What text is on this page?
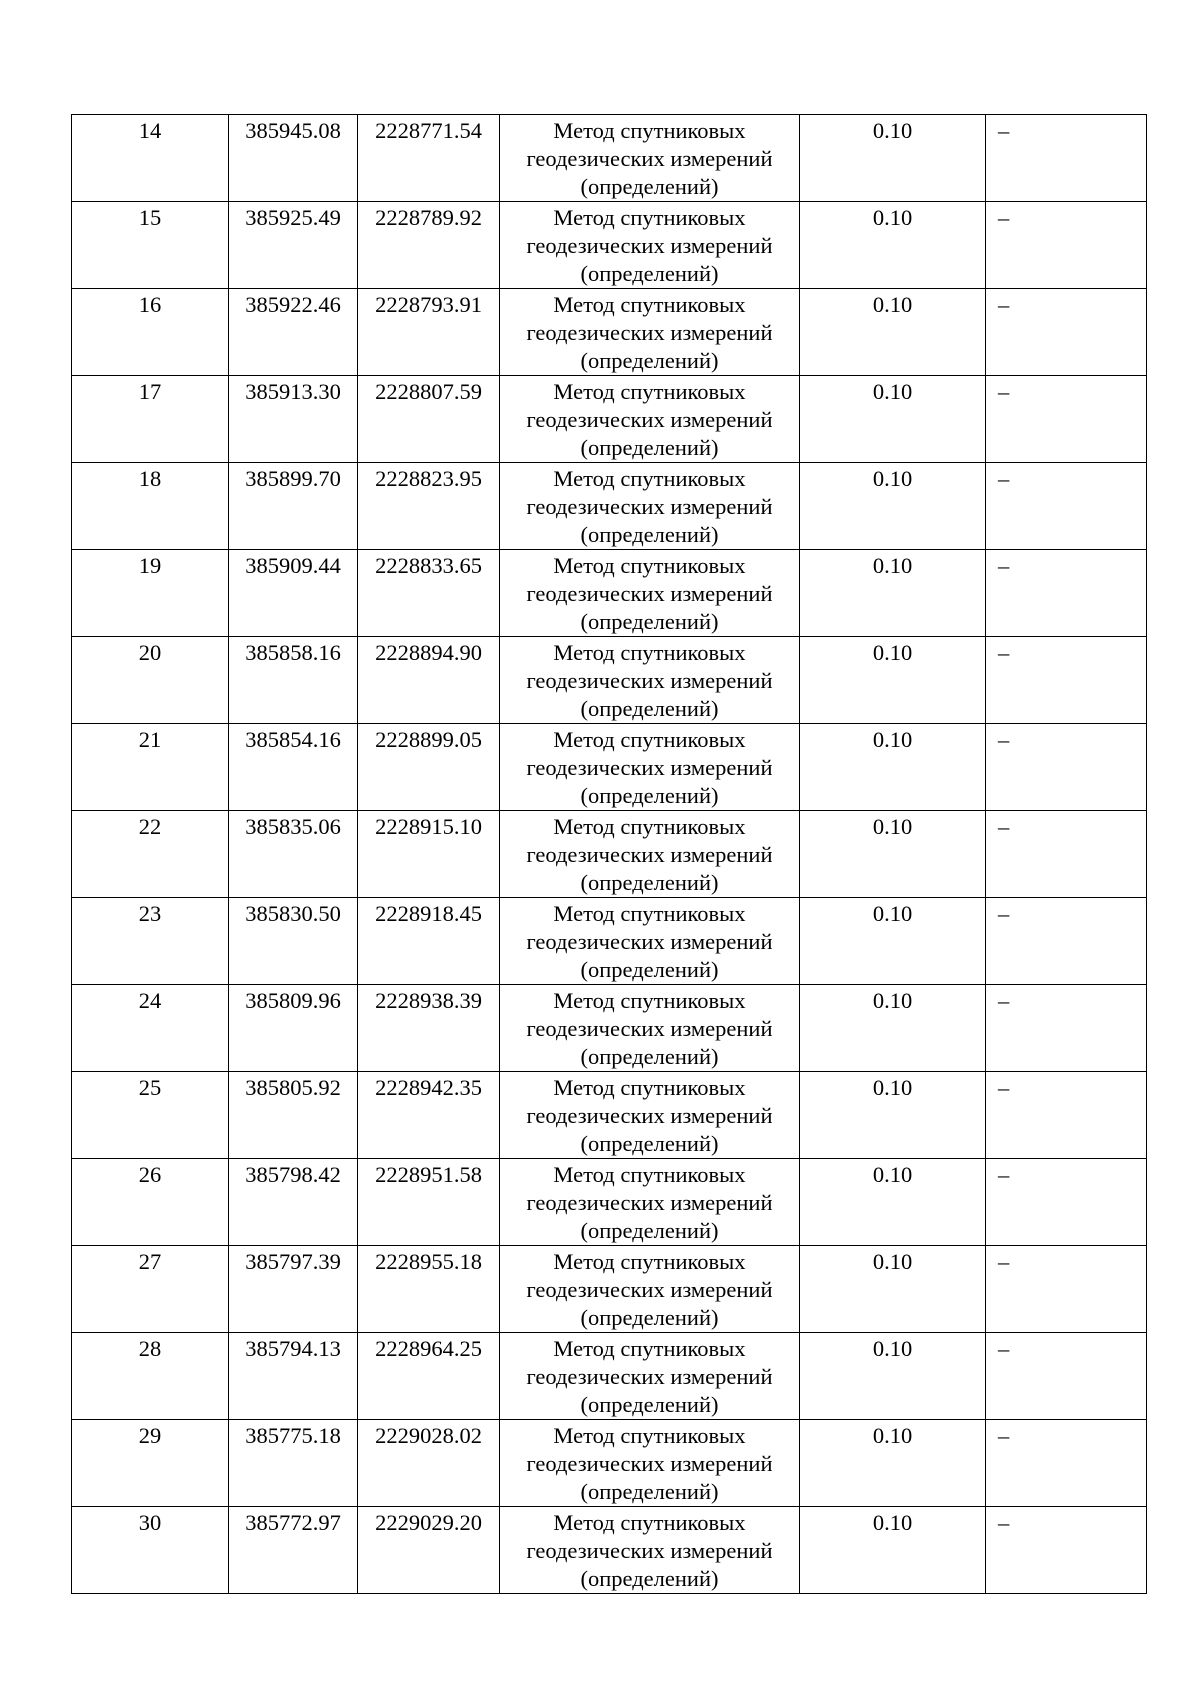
14	385945.08	2228771.54	Метод спутниковых
геодезических измерений
(определений)	0.10	–
15	385925.49	2228789.92	Метод спутниковых
геодезических измерений
(определений)	0.10	–
16	385922.46	2228793.91	Метод спутниковых
геодезических измерений
(определений)	0.10	–
17	385913.30	2228807.59	Метод спутниковых
геодезических измерений
(определений)	0.10	–
18	385899.70	2228823.95	Метод спутниковых
геодезических измерений
(определений)	0.10	–
19	385909.44	2228833.65	Метод спутниковых
геодезических измерений
(определений)	0.10	–
20	385858.16	2228894.90	Метод спутниковых
геодезических измерений
(определений)	0.10	–
21	385854.16	2228899.05	Метод спутниковых
геодезических измерений
(определений)	0.10	–
22	385835.06	2228915.10	Метод спутниковых
геодезических измерений
(определений)	0.10	–
23	385830.50	2228918.45	Метод спутниковых
геодезических измерений
(определений)	0.10	–
24	385809.96	2228938.39	Метод спутниковых
геодезических измерений
(определений)	0.10	–
25	385805.92	2228942.35	Метод спутниковых
геодезических измерений
(определений)	0.10	–
26	385798.42	2228951.58	Метод спутниковых
геодезических измерений
(определений)	0.10	–
27	385797.39	2228955.18	Метод спутниковых
геодезических измерений
(определений)	0.10	–
28	385794.13	2228964.25	Метод спутниковых
геодезических измерений
(определений)	0.10	–
29	385775.18	2229028.02	Метод спутниковых
геодезических измерений
(определений)	0.10	–
30	385772.97	2229029.20	Метод спутниковых
геодезических измерений
(определений)	0.10	–
